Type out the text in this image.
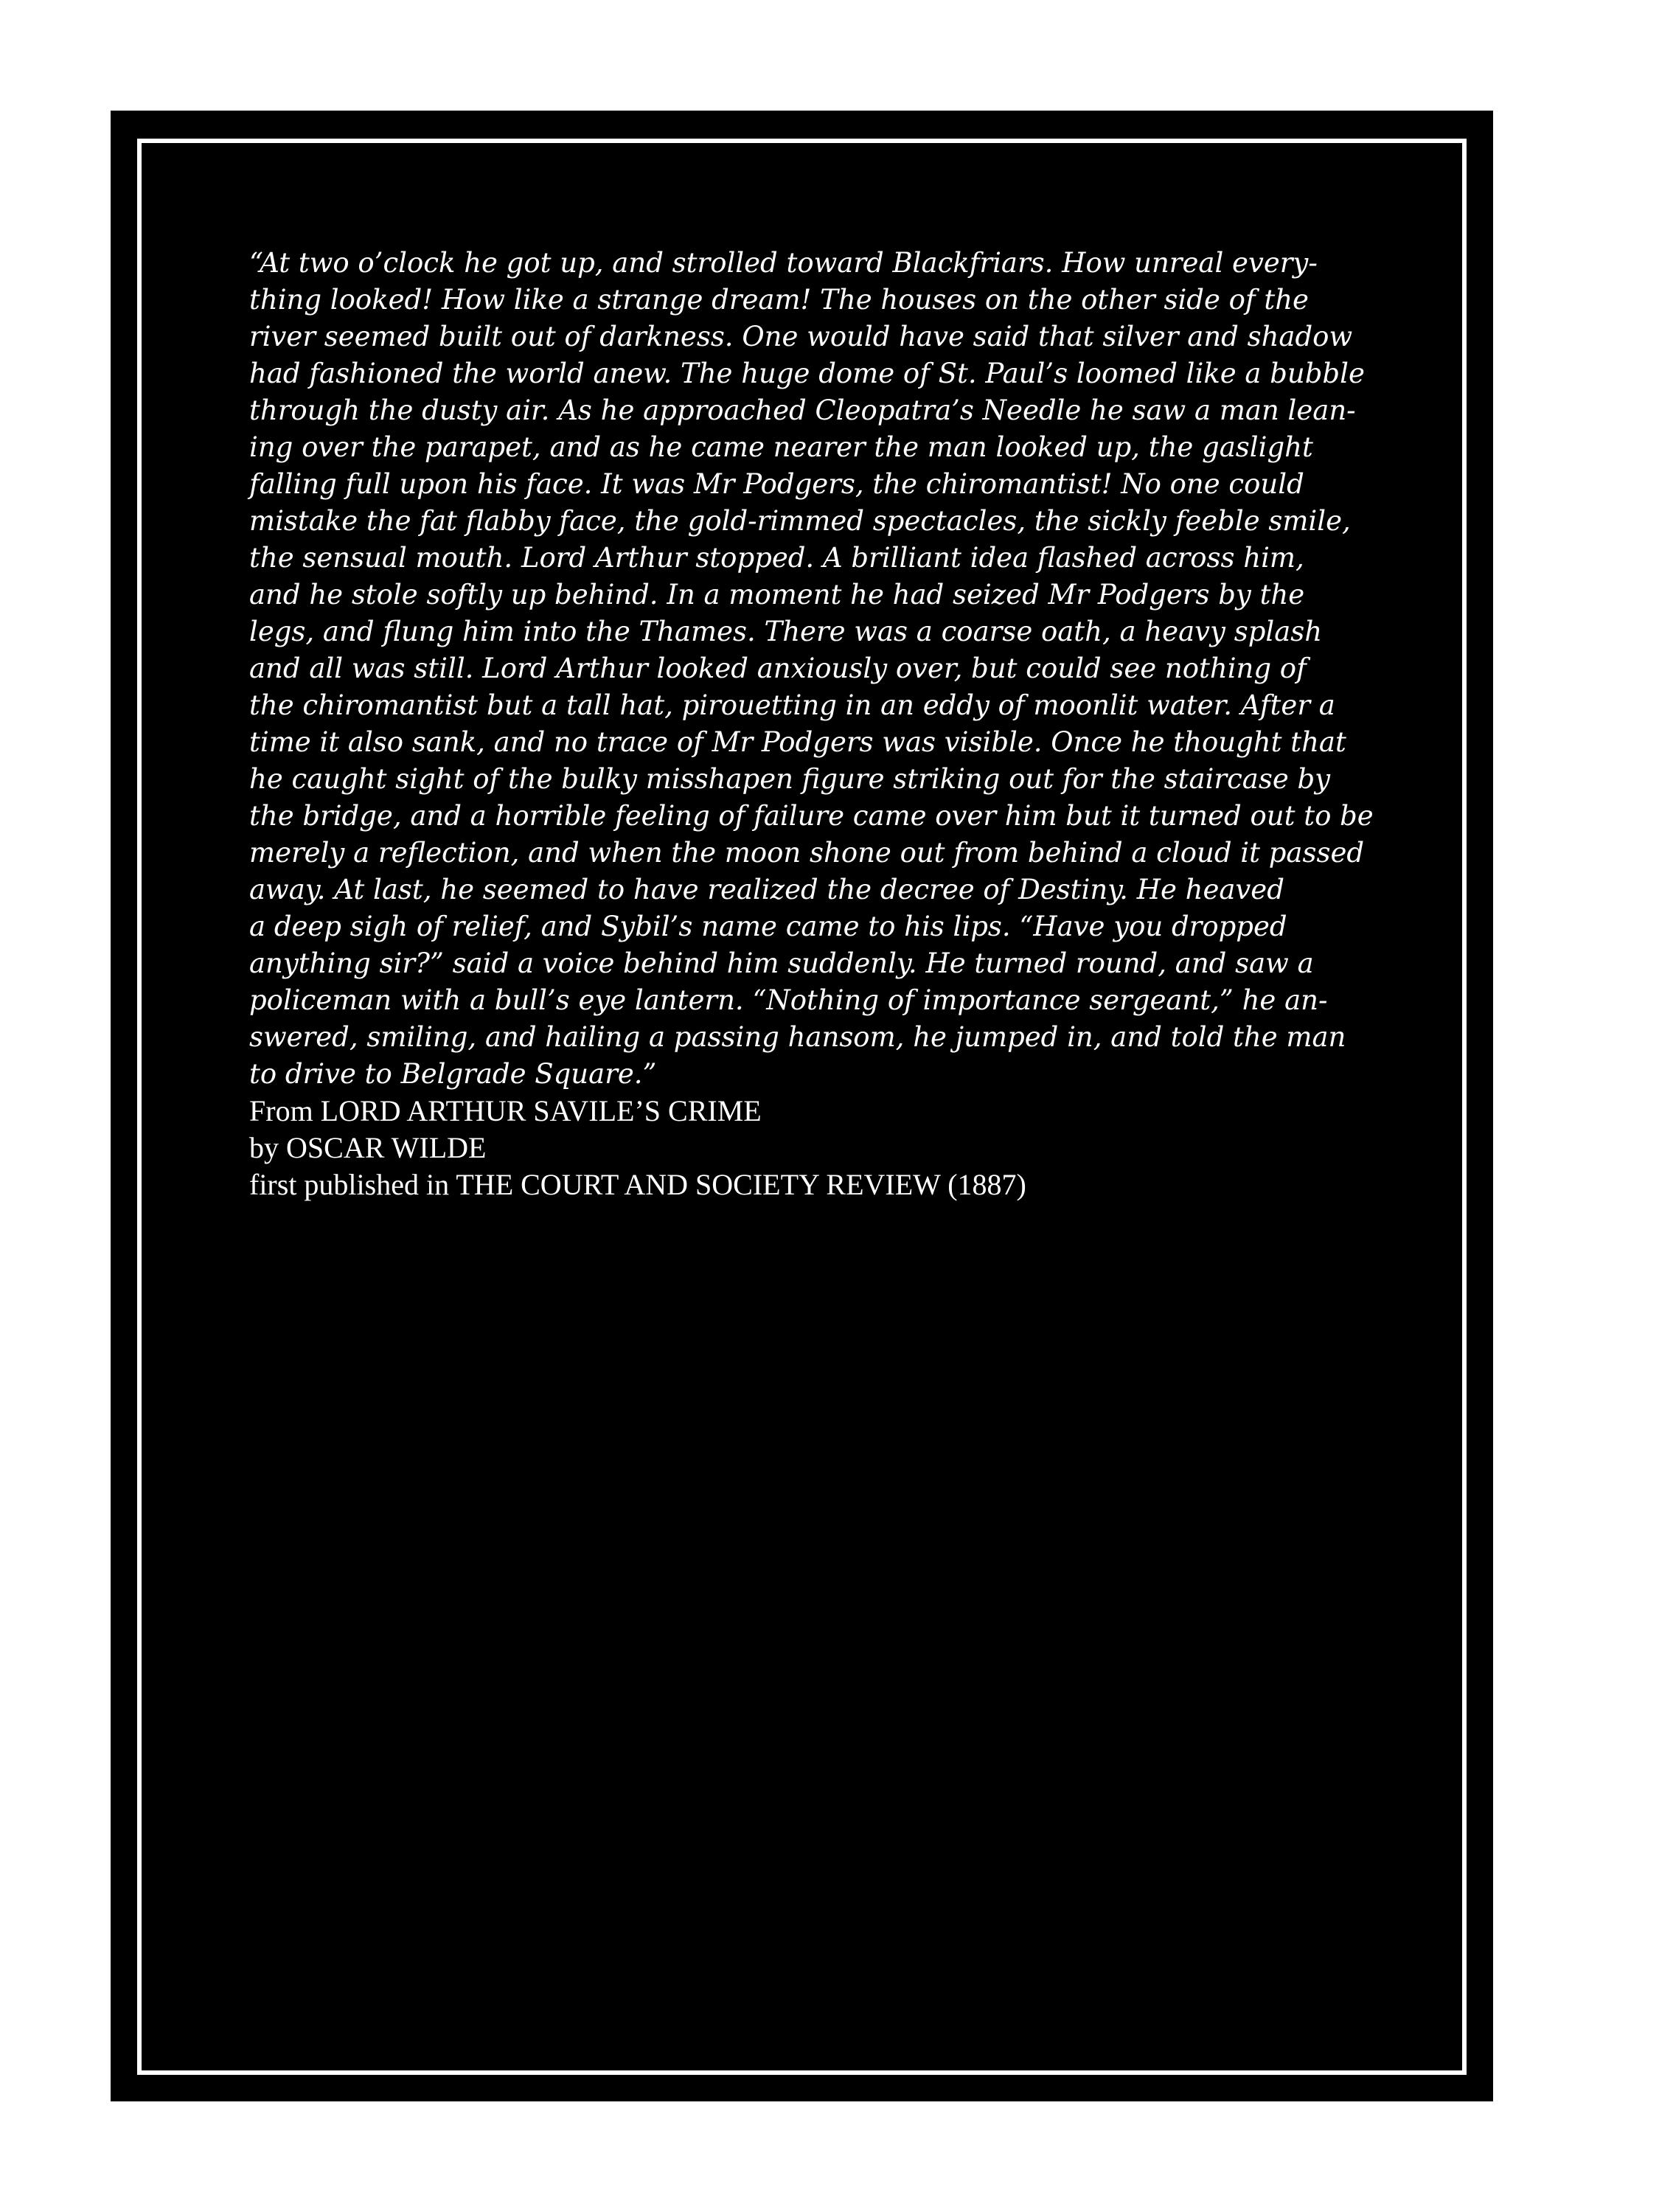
“At two o’clock he got up, and strolled toward Blackfriars. How unreal every-
thing looked! How like a strange dream! The houses on the other side of the
river seemed built out of darkness. One would have said that silver and shadow
had fashioned the world anew. The huge dome of St. Paul’s loomed like a bubble
through the dusty air. As he approached Cleopatra’s Needle he saw a man lean-
ing over the parapet, and as he came nearer the man looked up, the gaslight
falling full upon his face. It was Mr Podgers, the chiromantist! No one could
mistake the fat flabby face, the gold-rimmed spectacles, the sickly feeble smile,
the sensual mouth. Lord Arthur stopped. A brilliant idea flashed across him,
and he stole softly up behind. In a moment he had seized Mr Podgers by the
legs, and flung him into the Thames. There was a coarse oath, a heavy splash
and all was still. Lord Arthur looked anxiously over, but could see nothing of
the chiromantist but a tall hat, pirouetting in an eddy of moonlit water. After a
time it also sank, and no trace of Mr Podgers was visible. Once he thought that
he caught sight of the bulky misshapen figure striking out for the staircase by
the bridge, and a horrible feeling of failure came over him but it turned out to be
merely a reflection, and when the moon shone out from behind a cloud it passed
away. At last, he seemed to have realized the decree of Destiny. He heaved
a deep sigh of relief, and Sybil’s name came to his lips. “Have you dropped
anything sir?” said a voice behind him suddenly. He turned round, and saw a
policeman with a bull’s eye lantern. “Nothing of importance sergeant,” he an-
swered, smiling, and hailing a passing hansom, he jumped in, and told the man
to drive to Belgrade Square.”
From LORD ARTHUR SAVILE’S CRIME
by OSCAR WILDE
first published in THE COURT AND SOCIETY REVIEW (1887)
